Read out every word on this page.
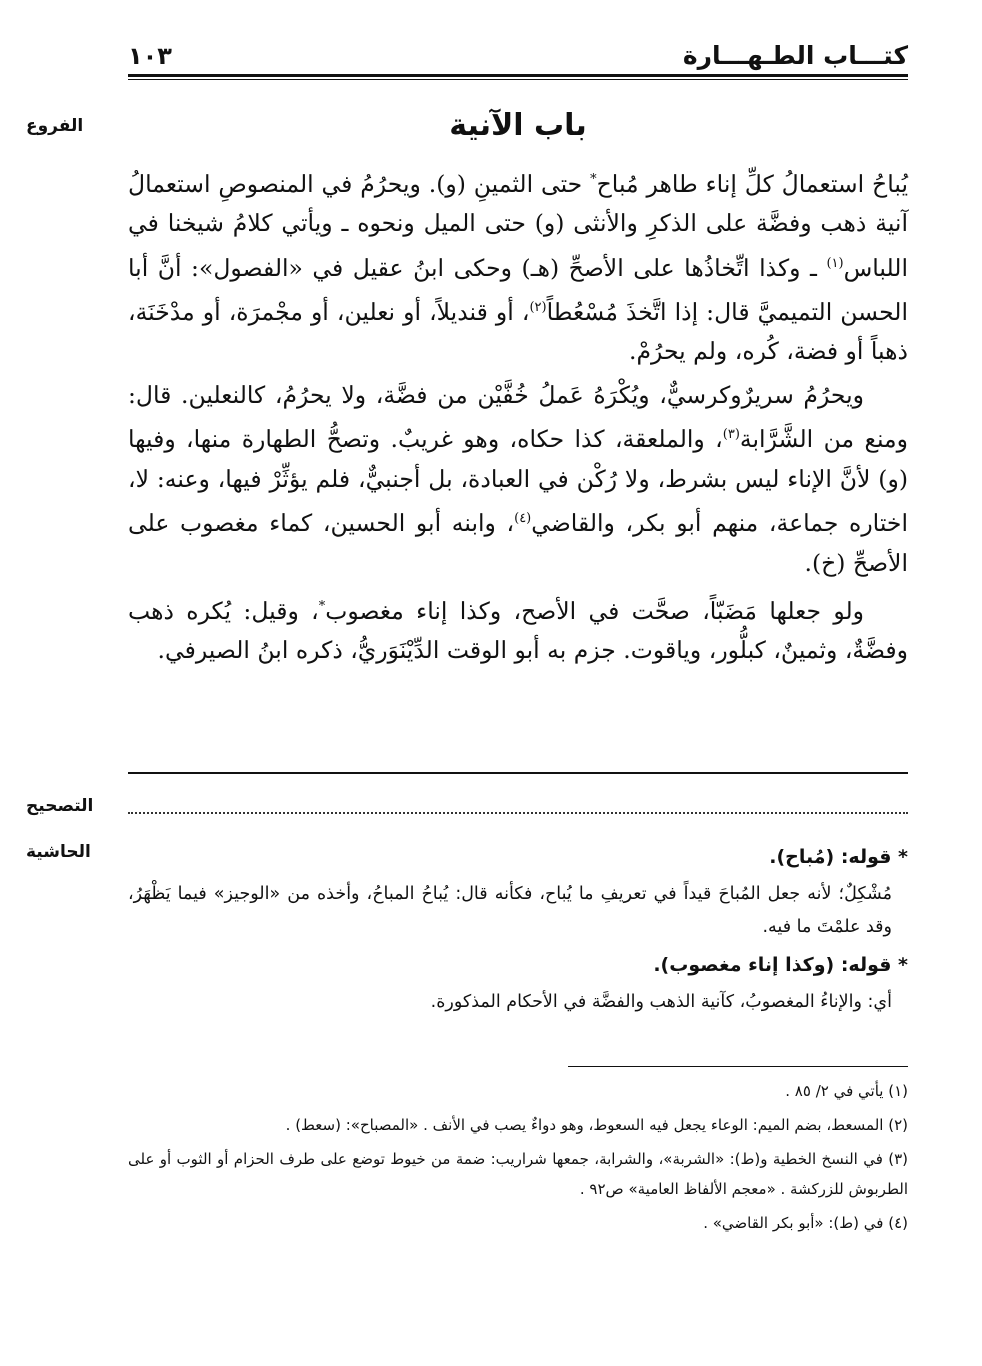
كتـــاب الطـهـــارة
١٠٣
الفروع
التصحيح
الحاشية
باب الآنية

يُباحُ استعمالُ كلِّ إناء طاهر مُباح* حتى الثمينِ (و). ويحرُمُ في المنصوصِ استعمالُ آنية ذهب وفضَّة على الذكرِ والأنثى (و) حتى الميل ونحوه ـ ويأتي كلامُ شيخنا في اللباس$^{(١)}$ ـ وكذا اتِّخاذُها على الأصحِّ (هـ) وحكى ابنُ عقيل في «الفصول»: أنَّ أبا الحسن التميميَّ قال: إذا اتَّخذَ مُسْعُطاً$^{(٢)}$، أو قنديلاً، أو نعلين، أو مجْمرَة، أو مدْخَنَة، ذهباً أو فضة، كُره، ولم يحرُمْ.

ويحرُمُ سريرٌوكرسيٌّ، ويُكْرَهُ عَملُ خُفَّيْن من فضَّة، ولا يحرُمُ، كالنعلين. قال: ومنع من الشَّرَّابة$^{(٣)}$، والملعقة، كذا حكاه، وهو غريبٌ. وتصحُّ الطهارة منها، وفيها (و) لأنَّ الإناء ليس بشرط، ولا رُكْن في العبادة، بل أجنبيٌّ، فلم يؤثِّرْ فيها، وعنه: لا، اختاره جماعة، منهم أبو بكر، والقاضي$^{(٤)}$، وابنه أبو الحسين، كماء مغصوب على الأصحِّ (خ).

ولو جعلها مَضَبّاً، صحَّت في الأصح، وكذا إناء مغصوب*، وقيل: يُكره ذهب وفضَّةٌ، وثمينٌ، كبلُّور، وياقوت. جزم به أبو الوقت الدِّيْنَوَريُّ، ذكره ابنُ الصيرفي.

* قوله: (مُباح).
مُشْكِلٌ؛ لأنه جعل المُباحَ قيداً في تعريفِ ما يُباح، فكأنه قال: يُباحُ المباحُ، وأخذه من «الوجيز» فيما يَظْهَرُ، وقد علمْتَ ما فيه.
* قوله: (وكذا إناء مغصوب).
أي: والإناءُ المغصوبُ، كآنية الذهب والفضَّة في الأحكام المذكورة.
(١) يأتي في ٢/ ٨٥ .
(٢) المسعط، بضم الميم: الوعاء يجعل فيه السعوط، وهو دواءٌ يصب في الأنف . «المصباح»: (سعط) .
(٣) في النسخ الخطية و(ط): «الشربة»، والشرابة، جمعها شراريب: ضمة من خيوط توضع على طرف الحزام أو الثوب أو على الطربوش للزركشة . «معجم الألفاظ العامية» ص٩٢ .
(٤) في (ط): «أبو بكر القاضي» .
